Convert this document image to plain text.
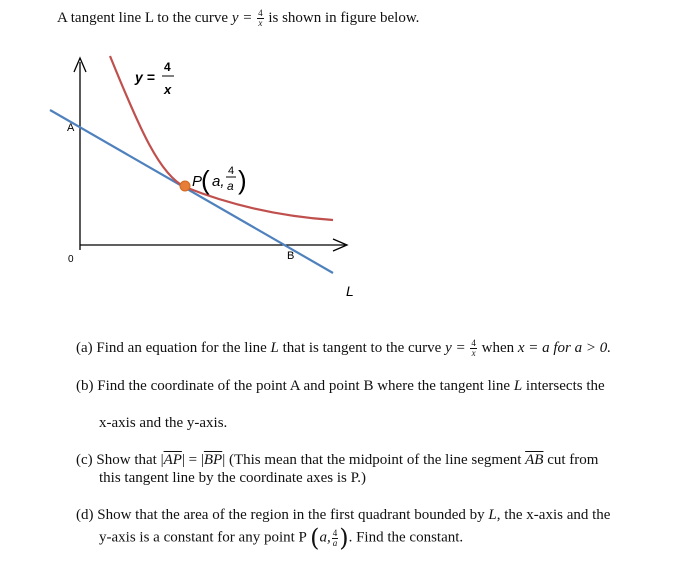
A tangent line L to the curve $y = \frac{4}{x}$ is shown in figure below.
y =
4
x
P
( a,
4
a )
A
B
0
L
(a) Find an equation for the line L that is tangent to the curve $y = \frac{4}{x}$ when x = a for a > 0.
(b) Find the coordinate of the point A and point B where the tangent line L intersects the
x-axis and the y-axis.
(c) Show that $|\overline{AP}| = |\overline{BP}|$ (This mean that the midpoint of the line segment $\overline{AB}$ cut from
this tangent line by the coordinate axes is P.)
(d) Show that the area of the region in the first quadrant bounded by L, the x-axis and the
y-axis is a constant for any point P (a, $\frac{4}{a}$ ). Find the constant.
